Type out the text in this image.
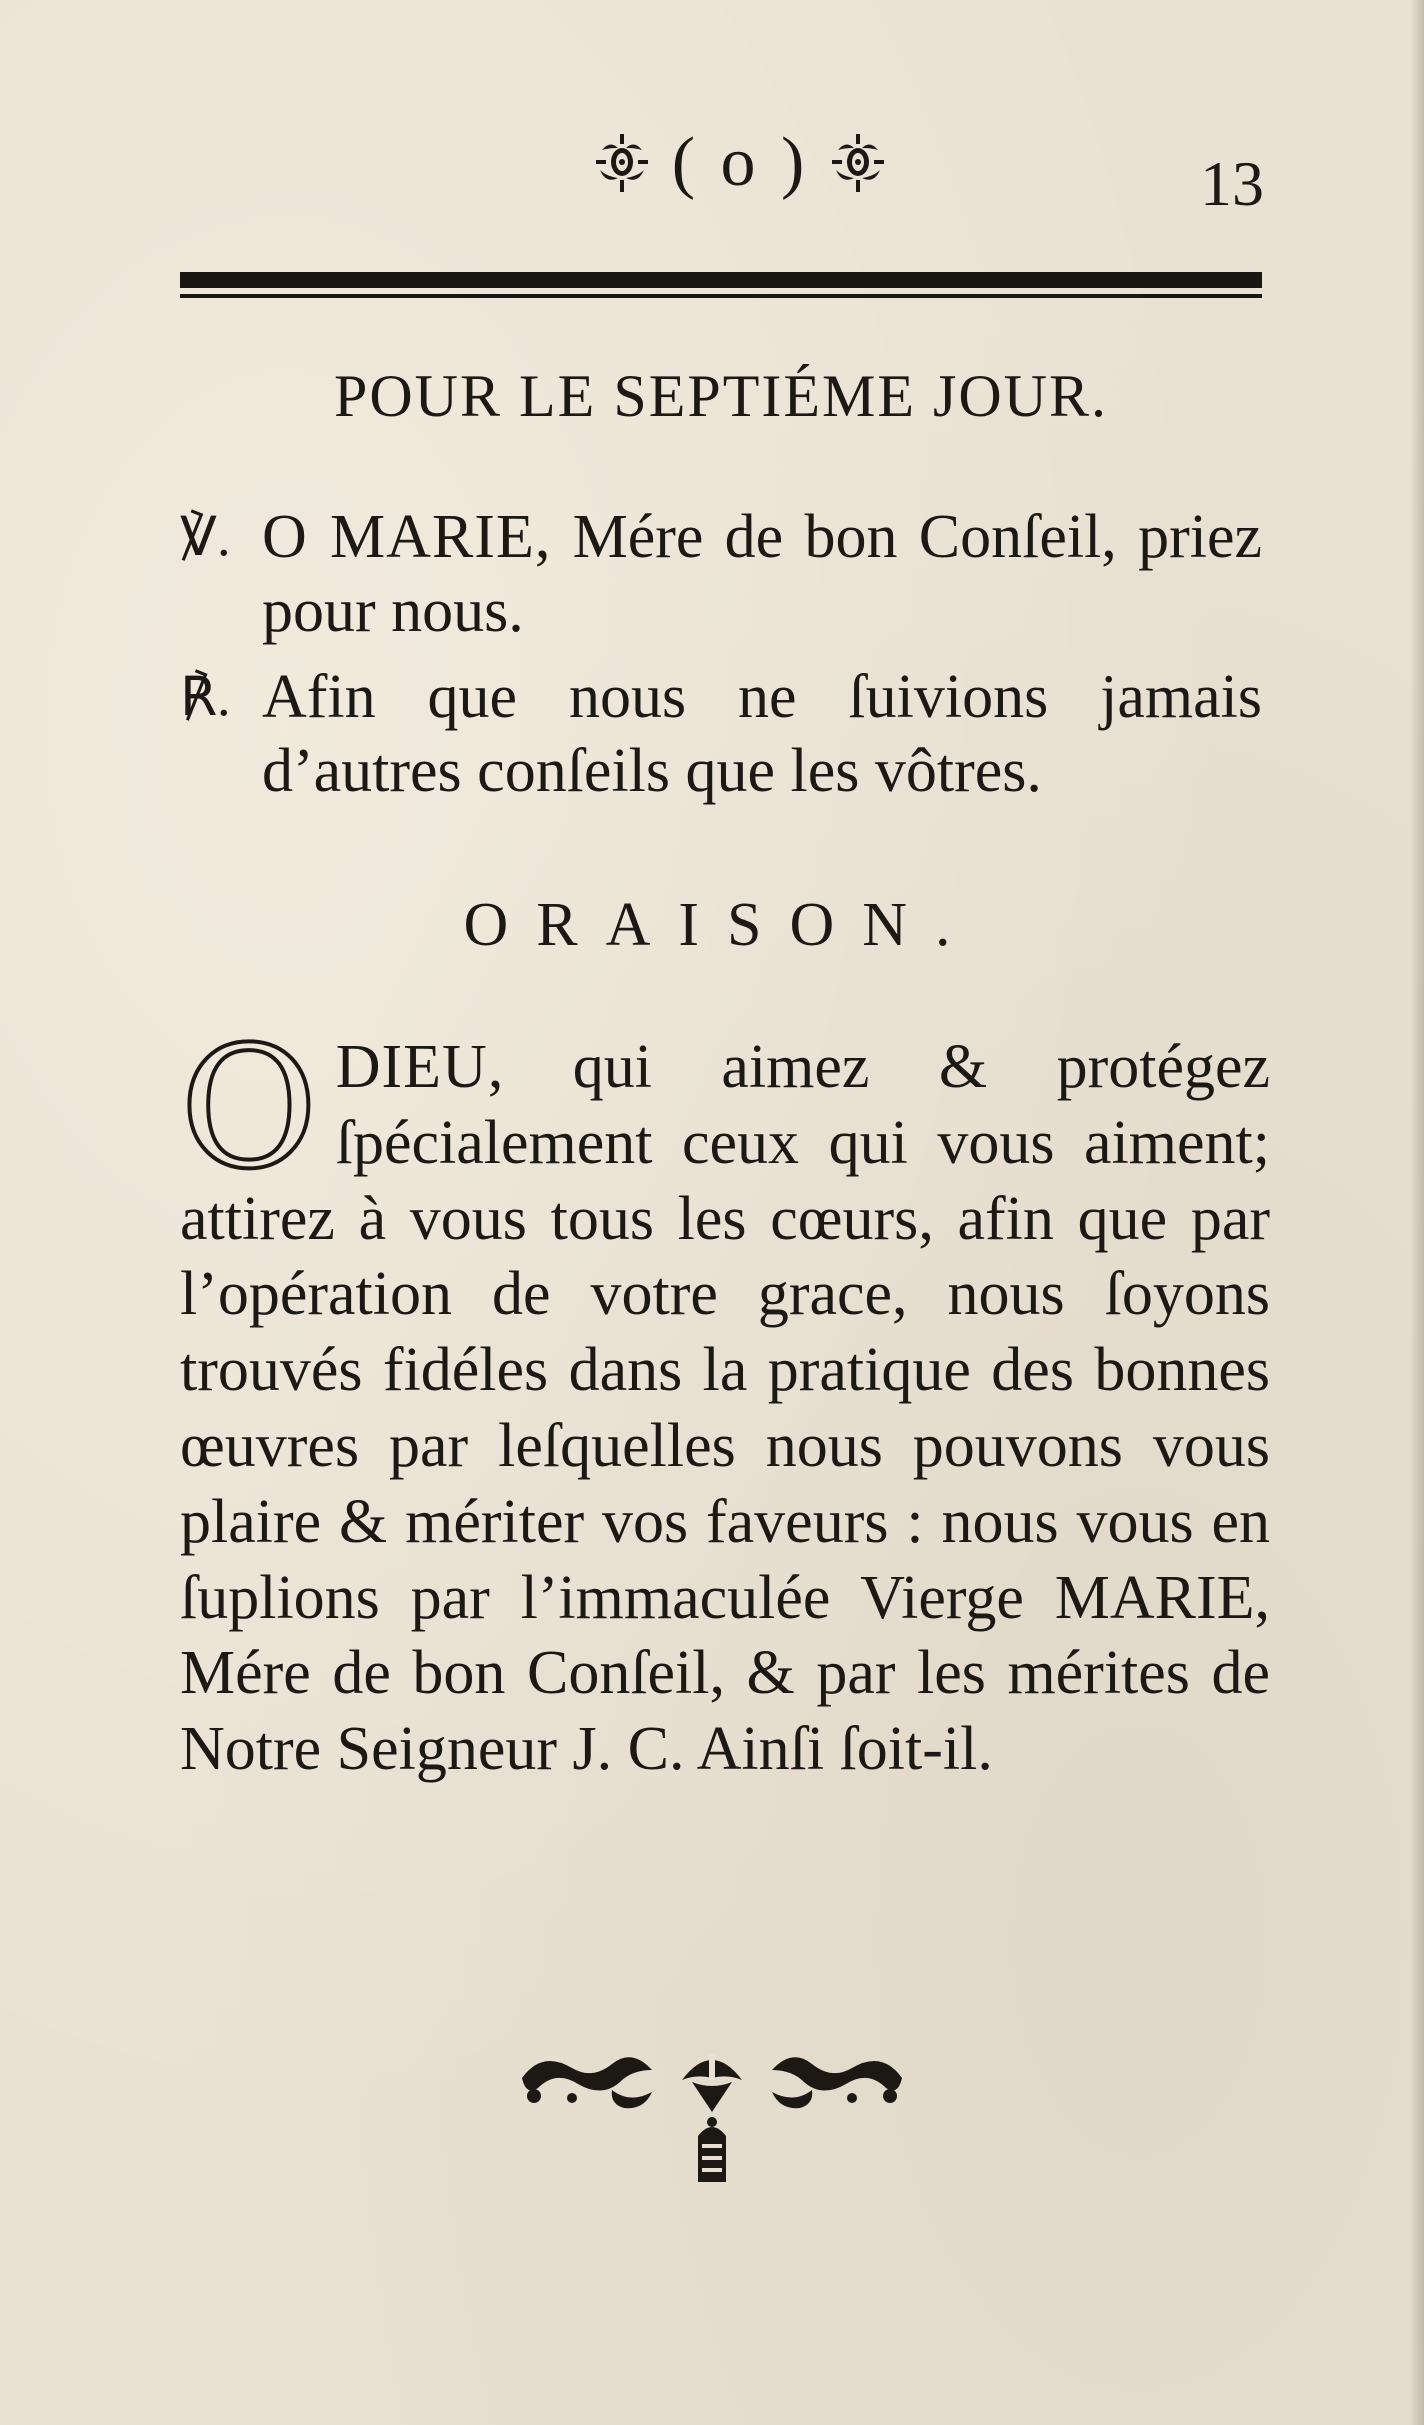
( o )	13
POUR LE SEPTIÉME JOUR.
℣. O MARIE, Mére de bon Conſeil, priez pour nous.
℟. Afin que nous ne ſuivions jamais d’autres conſeils que les vôtres.
ORAISON.
ODIEU, qui aimez & protégez ſpécialement ceux qui vous aiment; attirez à vous tous les cœurs, afin que par l’opération de votre grace, nous ſoyons trouvés fidéles dans la pratique des bonnes œuvres par leſquelles nous pouvons vous plaire & mériter vos faveurs : nous vous en ſuplions par l’immaculée Vierge MARIE, Mére de bon Conſeil, & par les mérites de Notre Seigneur J. C. Ainſi ſoit-il.
